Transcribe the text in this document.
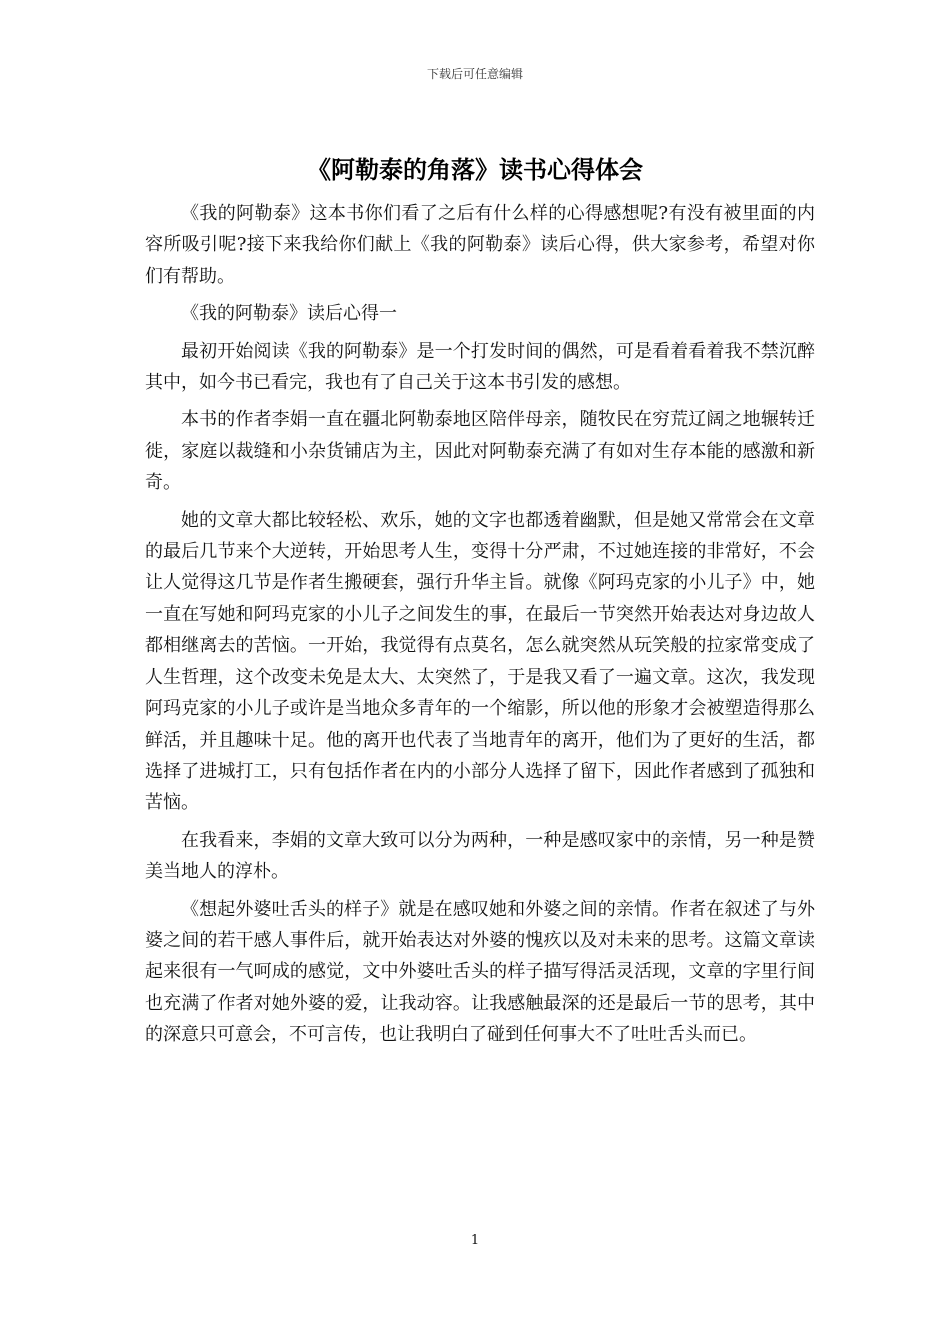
下载后可任意编辑
《阿勒泰的角落》读书心得体会

《我的阿勒泰》这本书你们看了之后有什么样的心得感想呢?有没有被里面的内容所吸引呢?接下来我给你们献上《我的阿勒泰》读后心得，供大家参考，希望对你们有帮助。

《我的阿勒泰》读后心得一

最初开始阅读《我的阿勒泰》是一个打发时间的偶然，可是看着看着我不禁沉醉其中，如今书已看完，我也有了自己关于这本书引发的感想。

本书的作者李娟一直在疆北阿勒泰地区陪伴母亲，随牧民在穷荒辽阔之地辗转迁徙，家庭以裁缝和小杂货铺店为主，因此对阿勒泰充满了有如对生存本能的感激和新奇。

她的文章大都比较轻松、欢乐，她的文字也都透着幽默，但是她又常常会在文章的最后几节来个大逆转，开始思考人生，变得十分严肃，不过她连接的非常好，不会让人觉得这几节是作者生搬硬套，强行升华主旨。就像《阿玛克家的小儿子》中，她一直在写她和阿玛克家的小儿子之间发生的事，在最后一节突然开始表达对身边故人都相继离去的苦恼。一开始，我觉得有点莫名，怎么就突然从玩笑般的拉家常变成了人生哲理，这个改变未免是太大、太突然了，于是我又看了一遍文章。这次，我发现阿玛克家的小儿子或许是当地众多青年的一个缩影，所以他的形象才会被塑造得那么鲜活，并且趣味十足。他的离开也代表了当地青年的离开，他们为了更好的生活，都选择了进城打工，只有包括作者在内的小部分人选择了留下，因此作者感到了孤独和苦恼。

在我看来，李娟的文章大致可以分为两种，一种是感叹家中的亲情，另一种是赞美当地人的淳朴。

《想起外婆吐舌头的样子》就是在感叹她和外婆之间的亲情。作者在叙述了与外婆之间的若干感人事件后，就开始表达对外婆的愧疚以及对未来的思考。这篇文章读起来很有一气呵成的感觉，文中外婆吐舌头的样子描写得活灵活现，文章的字里行间也充满了作者对她外婆的爱，让我动容。让我感触最深的还是最后一节的思考，其中的深意只可意会，不可言传，也让我明白了碰到任何事大不了吐吐舌头而已。

1
